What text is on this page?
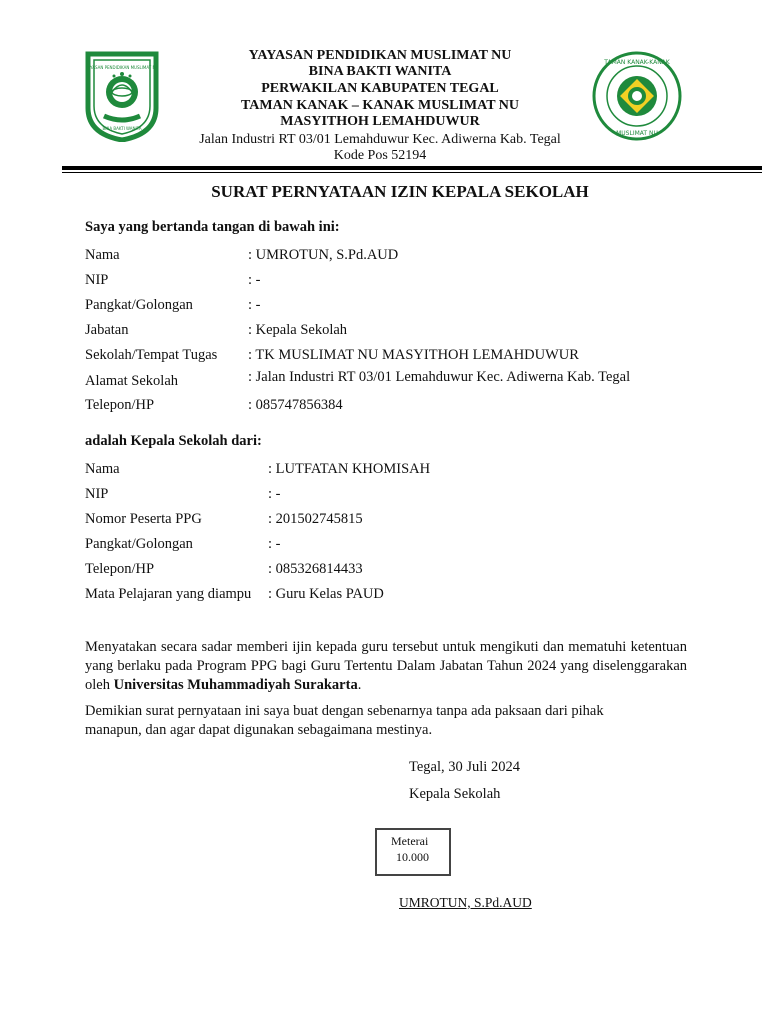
YAYASAN PENDIDIKAN MUSLIMAT NU
BINA BAKTI WANITA
TAMAN KANAK-KANAK
MUSLIMAT NU
YAYASAN PENDIDIKAN MUSLIMAT NU
BINA BAKTI WANITA
PERWAKILAN KABUPATEN TEGAL
TAMAN KANAK – KANAK MUSLIMAT NU
MASYITHOH LEMAHDUWUR
Jalan Industri RT 03/01 Lemahduwur Kec. Adiwerna Kab. Tegal
Kode Pos 52194
SURAT PERNYATAAN IZIN KEPALA SEKOLAH
Saya yang bertanda tangan di bawah ini:
Nama	: UMROTUN, S.Pd.AUD
NIP	: -
Pangkat/Golongan	: -
Jabatan	: Kepala Sekolah
Sekolah/Tempat Tugas : TK MUSLIMAT NU MASYITHOH LEMAHDUWUR
Alamat Sekolah	: Jalan Industri RT 03/01 Lemahduwur Kec. Adiwerna Kab. Tegal
Telepon/HP	: 085747856384
adalah Kepala Sekolah dari:
Nama	: LUTFATAN KHOMISAH
NIP	: -
Nomor Peserta PPG	: 201502745815
Pangkat/Golongan	: -
Telepon/HP	: 085326814433
Mata Pelajaran yang diampu : Guru Kelas PAUD
Menyatakan secara sadar memberi ijin kepada guru tersebut untuk mengikuti dan mematuhi ketentuan yang berlaku pada Program PPG bagi Guru Tertentu Dalam Jabatan Tahun 2024 yang diselenggarakan oleh Universitas Muhammadiyah Surakarta.
Demikian surat pernyataan ini saya buat dengan sebenarnya tanpa ada paksaan dari pihak manapun, dan agar dapat digunakan sebagaimana mestinya.
Tegal, 30 Juli 2024
Kepala Sekolah
Meterai
10.000
UMROTUN, S.Pd.AUD
